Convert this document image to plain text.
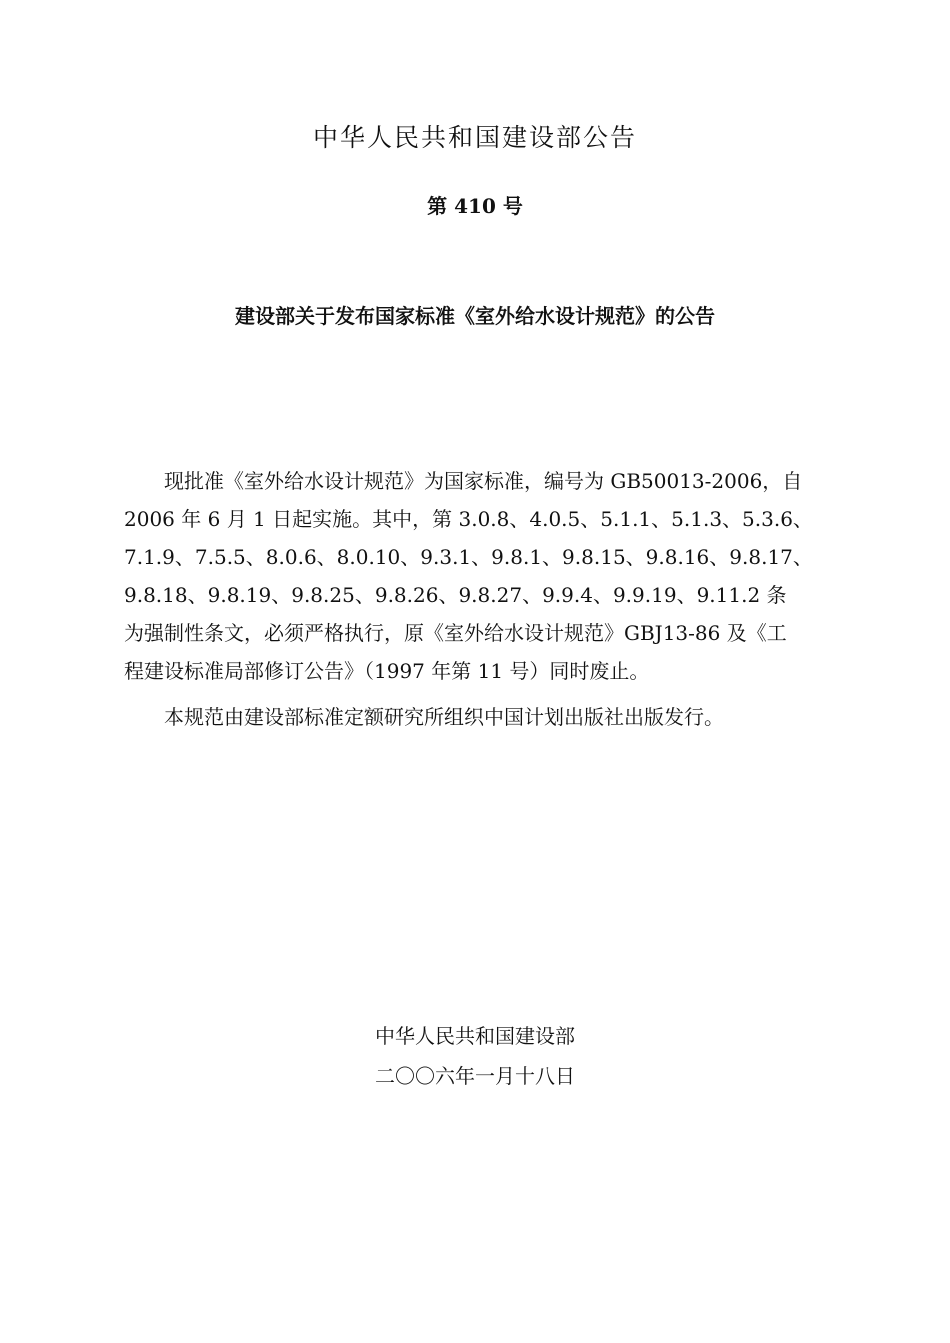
中华人民共和国建设部公告
第 410 号
建设部关于发布国家标准《室外给水设计规范》的公告

现批准《室外给水设计规范》为国家标准，编号为 GB50013-2006，自

2006 年 6 月 1 日起实施。其中，第 3.0.8、4.0.5、5.1.1、5.1.3、5.3.6、
7.1.9、7.5.5、8.0.6、8.0.10、9.3.1、9.8.1、9.8.15、9.8.16、9.8.17、
9.8.18、9.8.19、9.8.25、9.8.26、9.8.27、9.9.4、9.9.19、9.11.2 条
为强制性条文，必须严格执行，原《室外给水设计规范》GBJ13-86 及《工
程建设标准局部修订公告》（1997 年第 11 号）同时废止。

本规范由建设部标准定额研究所组织中国计划出版社出版发行。

中华人民共和国建设部
二〇〇六年一月十八日
